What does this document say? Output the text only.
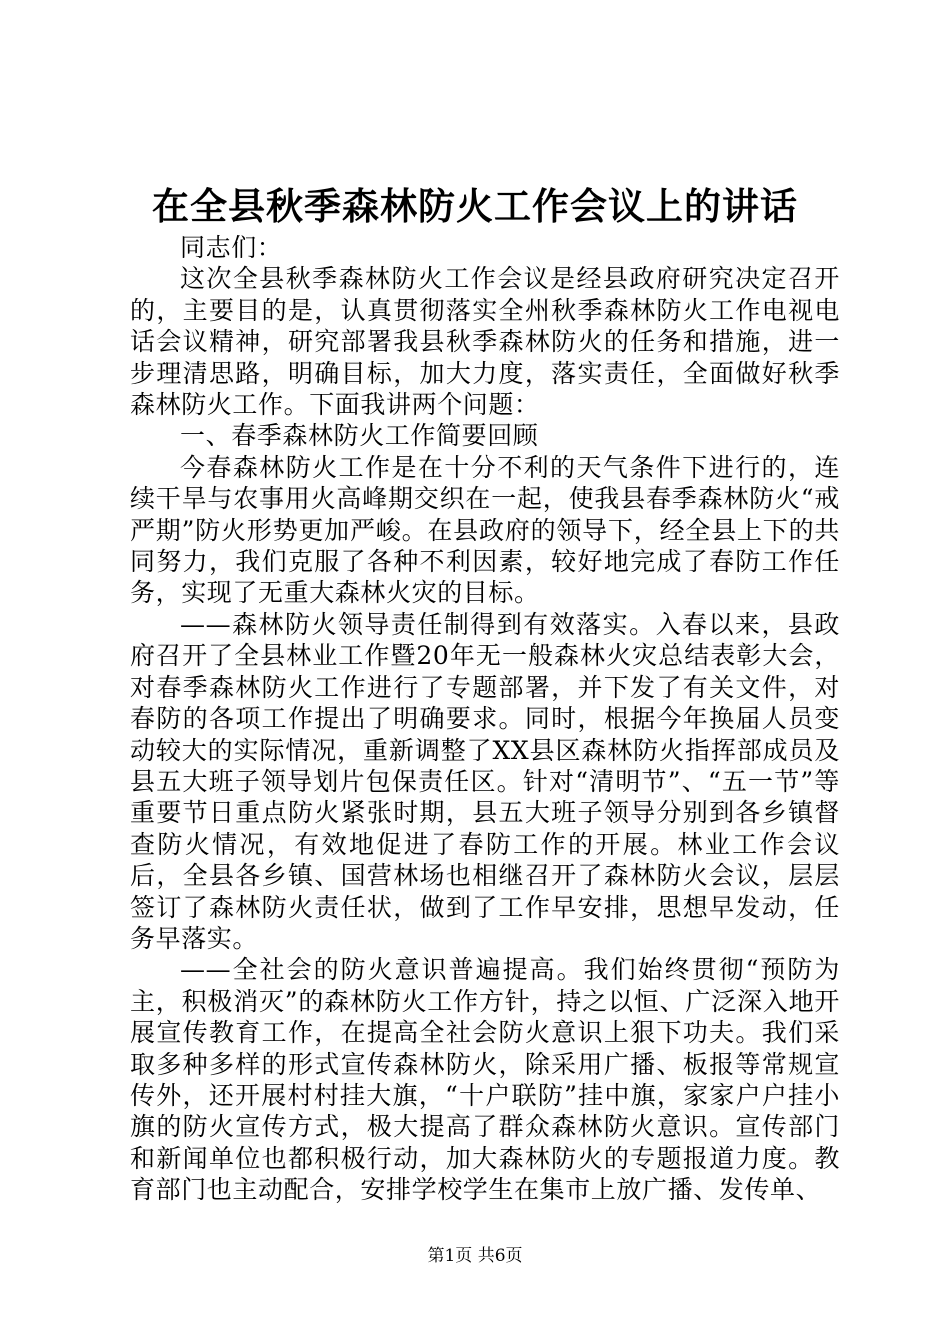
在全县秋季森林防火工作会议上的讲话

同志们：

这次全县秋季森林防火工作会议是经县政府研究决定召开的，主要目的是，认真贯彻落实全州秋季森林防火工作电视电话会议精神，研究部署我县秋季森林防火的任务和措施，进一步理清思路，明确目标，加大力度，落实责任，全面做好秋季森林防火工作。下面我讲两个问题：

一、春季森林防火工作简要回顾

今春森林防火工作是在十分不利的天气条件下进行的，连续干旱与农事用火高峰期交织在一起，使我县春季森林防火“戒严期”防火形势更加严峻。在县政府的领导下，经全县上下的共同努力，我们克服了各种不利因素，较好地完成了春防工作任务，实现了无重大森林火灾的目标。

——森林防火领导责任制得到有效落实。入春以来，县政府召开了全县林业工作暨20年无一般森林火灾总结表彰大会，对春季森林防火工作进行了专题部署，并下发了有关文件，对春防的各项工作提出了明确要求。同时，根据今年换届人员变动较大的实际情况，重新调整了XX县区森林防火指挥部成员及县五大班子领导划片包保责任区。针对“清明节”、“五一节”等重要节日重点防火紧张时期，县五大班子领导分别到各乡镇督查防火情况，有效地促进了春防工作的开展。林业工作会议后，全县各乡镇、国营林场也相继召开了森林防火会议，层层签订了森林防火责任状，做到了工作早安排，思想早发动，任务早落实。

——全社会的防火意识普遍提高。我们始终贯彻“预防为主，积极消灭”的森林防火工作方针，持之以恒、广泛深入地开展宣传教育工作，在提高全社会防火意识上狠下功夫。我们采取多种多样的形式宣传森林防火，除采用广播、板报等常规宣传外，还开展村村挂大旗，“十户联防”挂中旗，家家户户挂小旗的防火宣传方式，极大提高了群众森林防火意识。宣传部门和新闻单位也都积极行动，加大森林防火的专题报道力度。教育部门也主动配合，安排学校学生在集市上放广播、发传单、

第1页 共6页
